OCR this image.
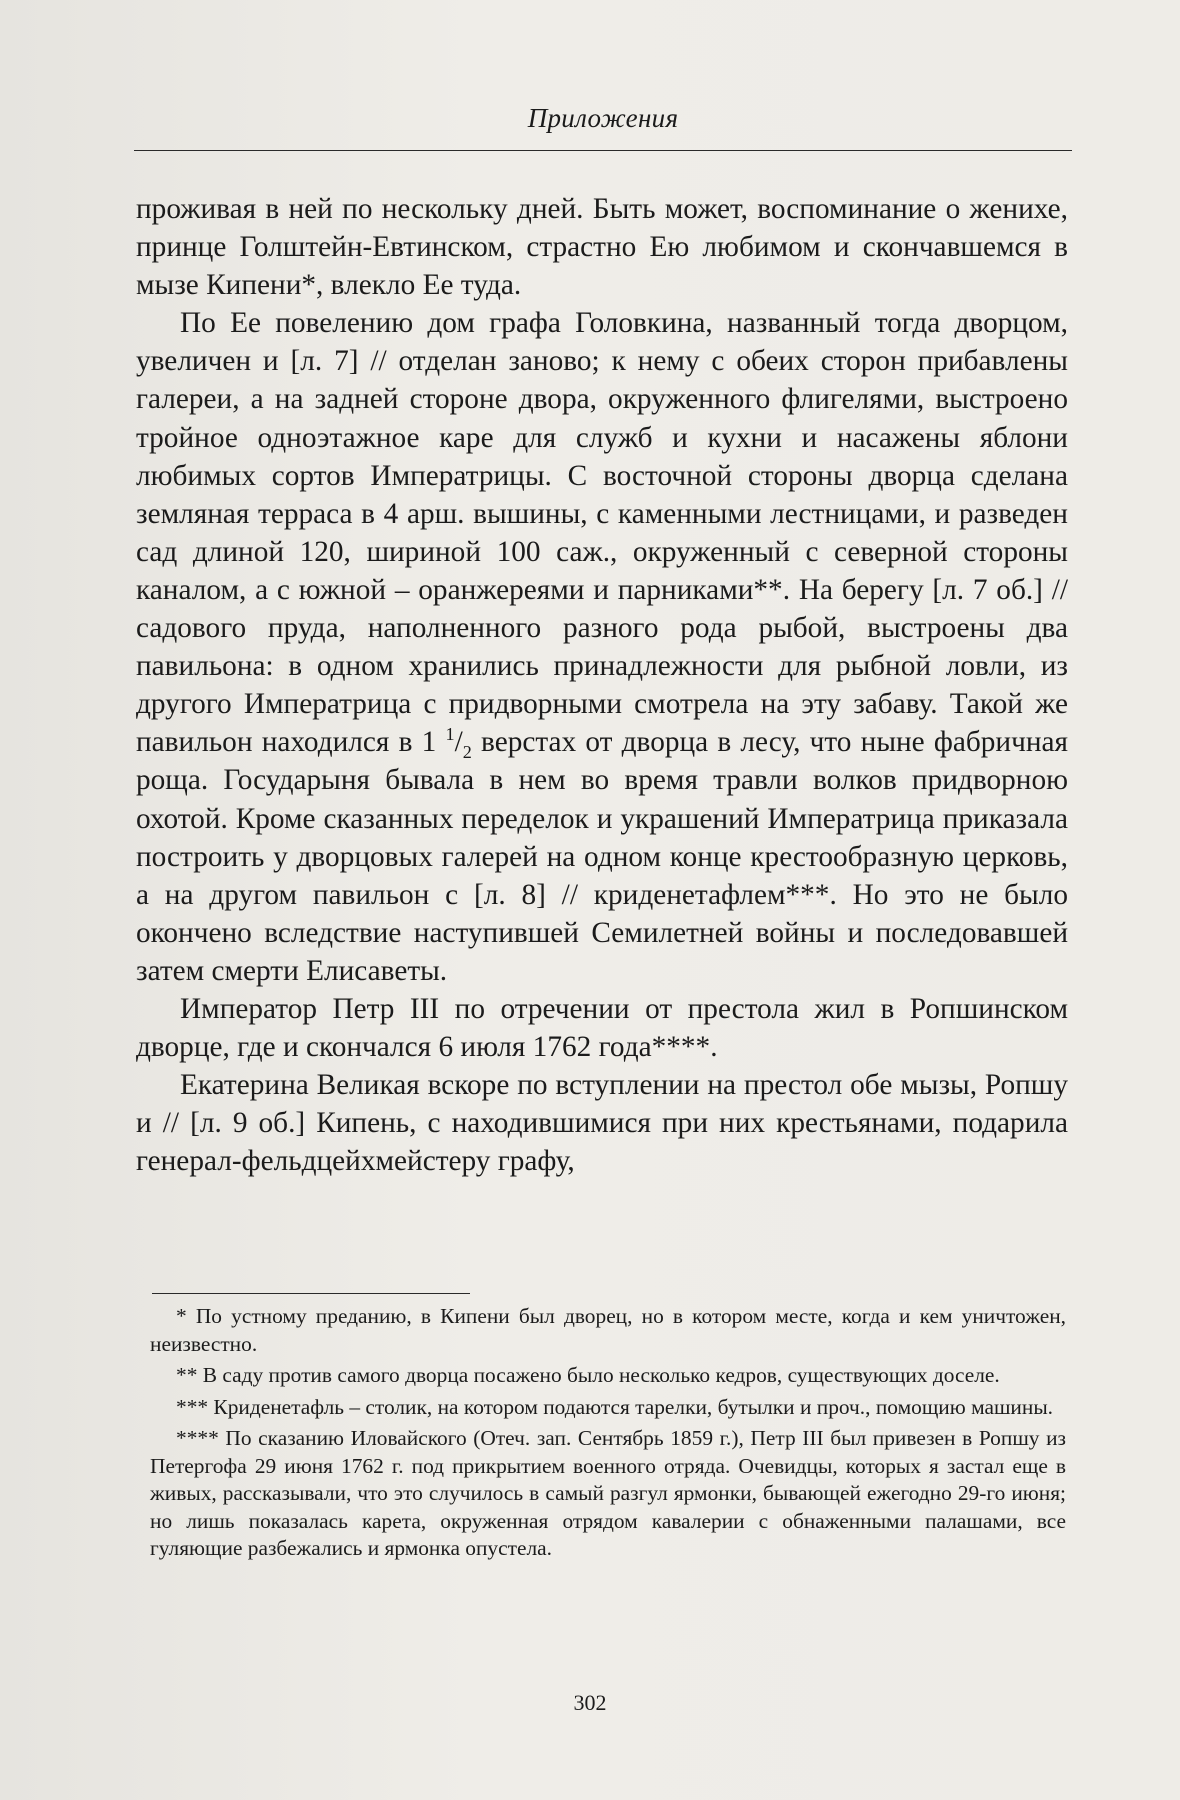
Приложения

проживая в ней по нескольку дней. Быть может, воспоминание о женихе, принце Голштейн-Евтинском, страстно Ею любимом и скончавшемся в мызе Кипени*, влекло Ее туда.

По Ее повелению дом графа Головкина, названный тогда дворцом, увеличен и [л. 7] // отделан заново; к нему с обеих сторон прибавлены галереи, а на задней стороне двора, окруженного флигелями, выстроено тройное одноэтажное каре для служб и кухни и насажены яблони любимых сортов Императрицы. С восточной стороны дворца сделана земляная терраса в 4 арш. вышины, с каменными лестницами, и разведен сад длиной 120, шириной 100 саж., окруженный с северной стороны каналом, а с южной – оранжереями и парниками**. На берегу [л. 7 об.] // садового пруда, наполненного разного рода рыбой, выстроены два павильона: в одном хранились принадлежности для рыбной ловли, из другого Императрица с придворными смотрела на эту забаву. Такой же павильон находился в 1 $^1/_2$ верстах от дворца в лесу, что ныне фабричная роща. Государыня бывала в нем во время травли волков придворною охотой. Кроме сказанных переделок и украшений Императрица приказала построить у дворцовых галерей на одном конце крестообразную церковь, а на другом павильон с [л. 8] // криденетафлем***. Но это не было окончено вследствие наступившей Семилетней войны и последовавшей затем смерти Елисаветы.

Император Петр III по отречении от престола жил в Ропшинском дворце, где и скончался 6 июля 1762 года****.

Екатерина Великая вскоре по вступлении на престол обе мызы, Ропшу и // [л. 9 об.] Кипень, с находившимися при них крестьянами, подарила генерал-фельдцейхмейстеру графу,

* По устному преданию, в Кипени был дворец, но в котором месте, когда и кем уничтожен, неизвестно.

** В саду против самого дворца посажено было несколько кедров, существующих доселе.

*** Криденетафль – столик, на котором подаются тарелки, бутылки и проч., помощию машины.

**** По сказанию Иловайского (Отеч. зап. Сентябрь 1859 г.), Петр III был привезен в Ропшу из Петергофа 29 июня 1762 г. под прикрытием военного отряда. Очевидцы, которых я застал еще в живых, рассказывали, что это случилось в самый разгул ярмонки, бывающей ежегодно 29-го июня; но лишь показалась карета, окруженная отрядом кавалерии с обнаженными палашами, все гуляющие разбежались и ярмонка опустела.

302
